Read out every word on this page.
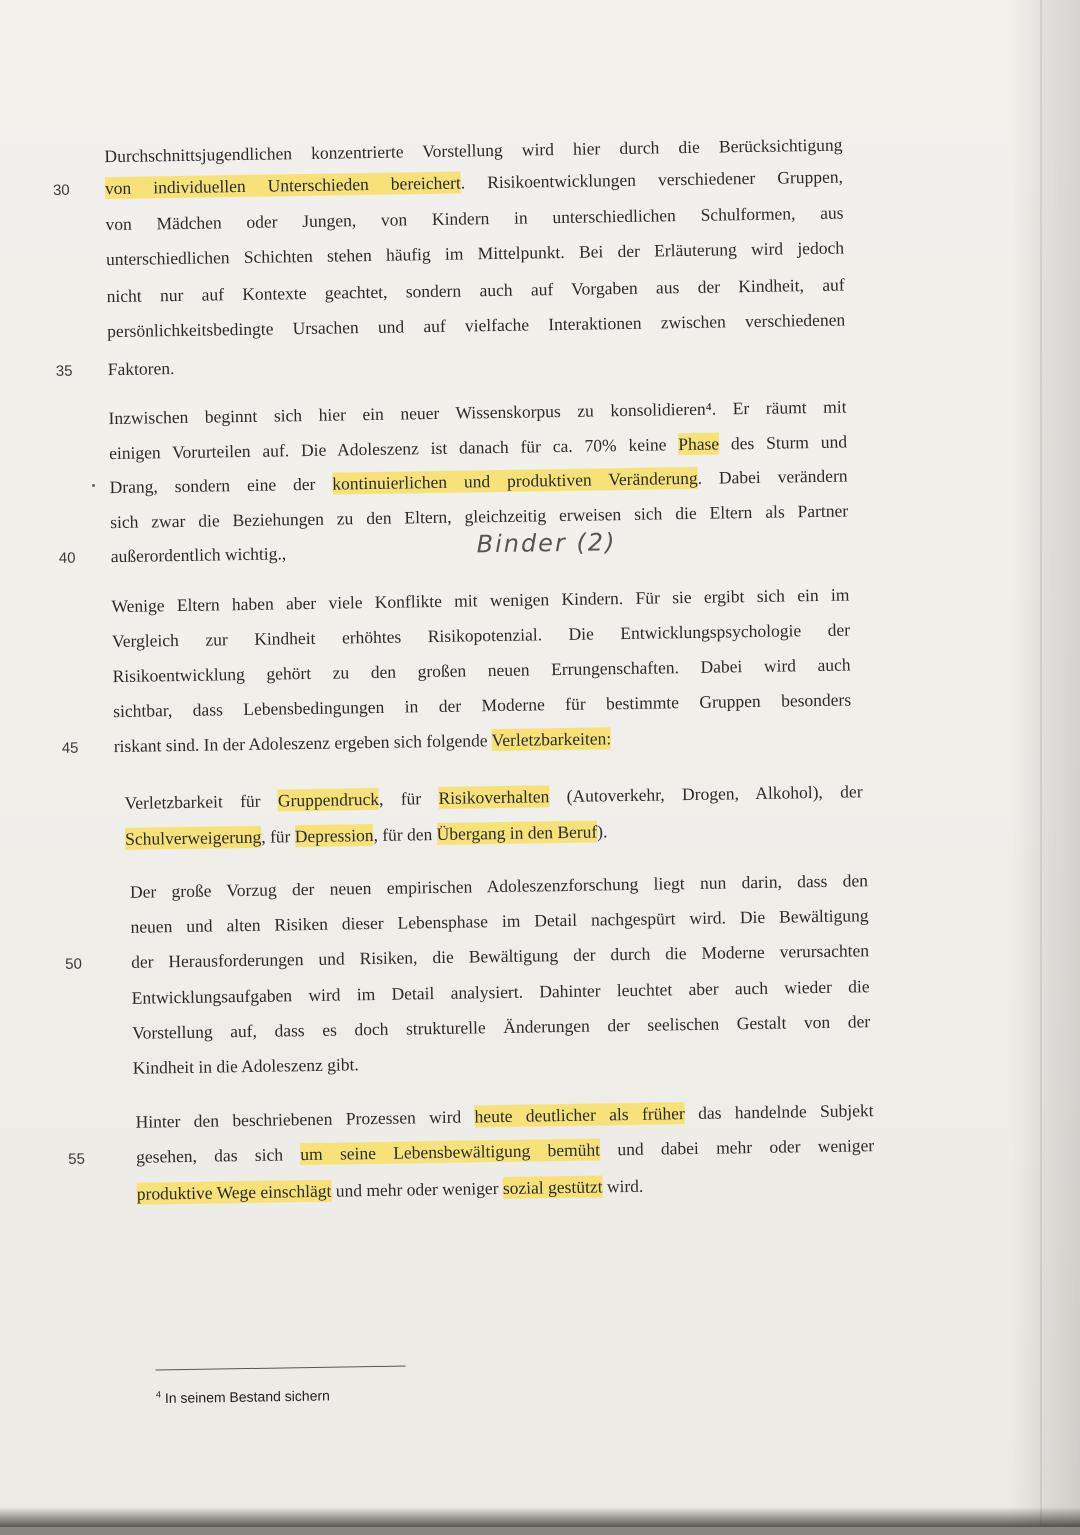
Durchschnittsjugendlichen konzentrierte Vorstellung wird hier durch die Berücksichtigung
von individuellen Unterschieden bereichert. Risikoentwicklungen verschiedener Gruppen,
30
von Mädchen oder Jungen, von Kindern in unterschiedlichen Schulformen, aus
unterschiedlichen Schichten stehen häufig im Mittelpunkt. Bei der Erläuterung wird jedoch
nicht nur auf Kontexte geachtet, sondern auch auf Vorgaben aus der Kindheit, auf
persönlichkeitsbedingte Ursachen und auf vielfache Interaktionen zwischen verschiedenen
Faktoren.
35
Inzwischen beginnt sich hier ein neuer Wissenskorpus zu konsolidieren⁴. Er räumt mit
einigen Vorurteilen auf. Die Adoleszenz ist danach für ca. 70% keine Phase des Sturm und
Drang, sondern eine der kontinuierlichen und produktiven Veränderung. Dabei verändern
sich zwar die Beziehungen zu den Eltern, gleichzeitig erweisen sich die Eltern als Partner
außerordentlich wichtig.,
40
Wenige Eltern haben aber viele Konflikte mit wenigen Kindern. Für sie ergibt sich ein im
Vergleich zur Kindheit erhöhtes Risikopotenzial. Die Entwicklungspsychologie der
Risikoentwicklung gehört zu den großen neuen Errungenschaften. Dabei wird auch
sichtbar, dass Lebensbedingungen in der Moderne für bestimmte Gruppen besonders
riskant sind. In der Adoleszenz ergeben sich folgende Verletzbarkeiten:
45
Verletzbarkeit für Gruppendruck, für Risikoverhalten (Autoverkehr, Drogen, Alkohol), der
Schulverweigerung, für Depression, für den Übergang in den Beruf).
Der große Vorzug der neuen empirischen Adoleszenzforschung liegt nun darin, dass den
neuen und alten Risiken dieser Lebensphase im Detail nachgespürt wird. Die Bewältigung
der Herausforderungen und Risiken, die Bewältigung der durch die Moderne verursachten
50
Entwicklungsaufgaben wird im Detail analysiert. Dahinter leuchtet aber auch wieder die
Vorstellung auf, dass es doch strukturelle Änderungen der seelischen Gestalt von der
Kindheit in die Adoleszenz gibt.
Hinter den beschriebenen Prozessen wird heute deutlicher als früher das handelnde Subjekt
gesehen, das sich um seine Lebensbewältigung bemüht und dabei mehr oder weniger
55
produktive Wege einschlägt und mehr oder weniger sozial gestützt wird.
Binder (2)
$^4$ In seinem Bestand sichern
